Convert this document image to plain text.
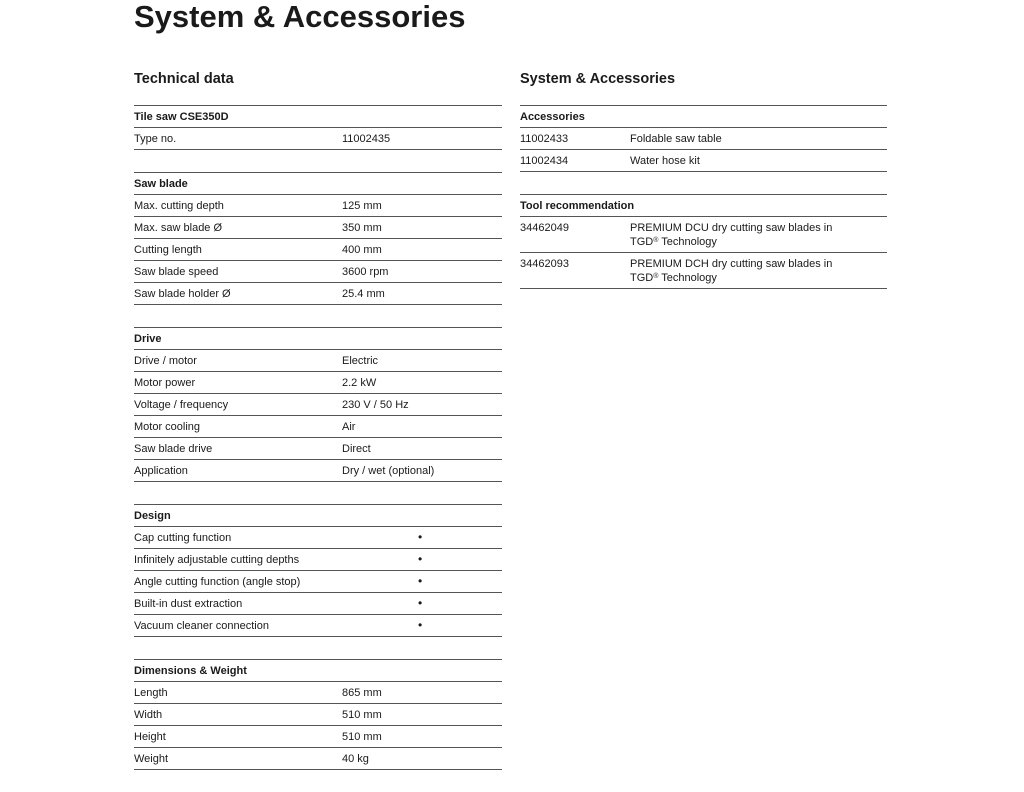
System & Accessories
Technical data
Tile saw CSE350D
Type no.	11002435
Saw blade
Max. cutting depth	125 mm
Max. saw blade Ø	350 mm
Cutting length	400 mm
Saw blade speed	3600 rpm
Saw blade holder Ø	25.4 mm
Drive
Drive / motor	Electric
Motor power	2.2 kW
Voltage / frequency	230 V / 50 Hz
Motor cooling	Air
Saw blade drive	Direct
Application	Dry / wet (optional)
Design
Cap cutting function	•
Infinitely adjustable cutting depths	•
Angle cutting function (angle stop)	•
Built-in dust extraction	•
Vacuum cleaner connection	•
Dimensions & Weight
Length	865 mm
Width	510 mm
Height	510 mm
Weight	40 kg
System & Accessories
Accessories
11002433	Foldable saw table
11002434	Water hose kit
Tool recommendation
34462049	PREMIUM DCU dry cutting saw blades in
TGD® Technology
34462093	PREMIUM DCH dry cutting saw blades in
TGD® Technology
